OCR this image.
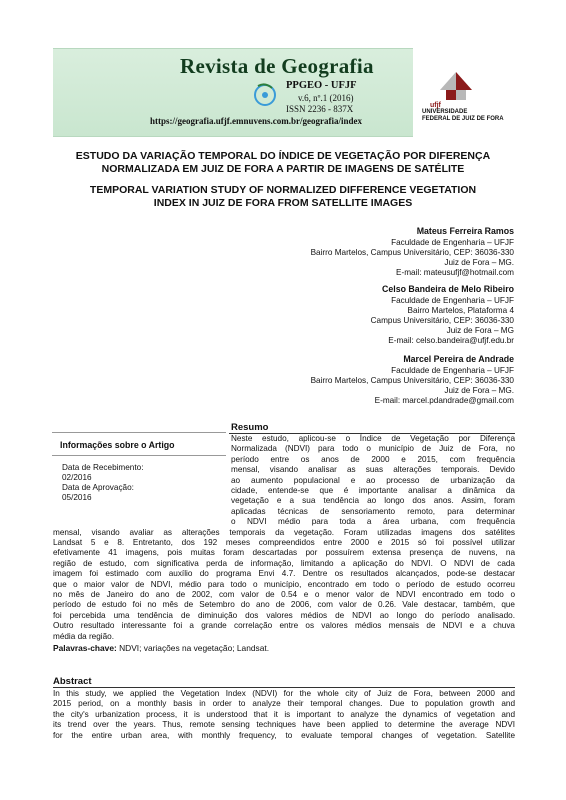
Revista de Geografia
PPGEO - UFJF
v.6, nº.1 (2016)
ISSN 2236 - 837X
https://geografia.ufjf.emnuvens.com.br/geografia/index
ufjf
UNIVERSIDADE
FEDERAL DE JUIZ DE FORA
ESTUDO DA VARIAÇÃO TEMPORAL DO ÍNDICE DE VEGETAÇÃO POR DIFERENÇA
NORMALIZADA EM JUIZ DE FORA A PARTIR DE IMAGENS DE SATÉLITE
TEMPORAL VARIATION STUDY OF NORMALIZED DIFFERENCE VEGETATION
INDEX IN JUIZ DE FORA FROM SATELLITE IMAGES
Mateus Ferreira Ramos
Faculdade de Engenharia – UFJF
Bairro Martelos, Campus Universitário, CEP: 36036-330
Juiz de Fora – MG.
E-mail: mateusufjf@hotmail.com
Celso Bandeira de Melo Ribeiro
Faculdade de Engenharia – UFJF
Bairro Martelos, Plataforma 4
Campus Universitário, CEP: 36036-330
Juiz de Fora – MG
E-mail: celso.bandeira@ufjf.edu.br
Marcel Pereira de Andrade
Faculdade de Engenharia – UFJF
Bairro Martelos, Campus Universitário, CEP: 36036-330
Juiz de Fora – MG.
E-mail: marcel.pdandrade@gmail.com
Informações sobre o Artigo
Data de Recebimento:
02/2016
Data de Aprovação:
05/2016
Resumo
Neste estudo, aplicou-se o Índice de Vegetação por Diferença
Normalizada (NDVI) para todo o município de Juiz de Fora, no
período entre os anos de 2000 e 2015, com frequência
mensal, visando analisar as suas alterações temporais. Devido
ao aumento populacional e ao processo de urbanização da
cidade, entende-se que é importante analisar a dinâmica da
vegetação e a sua tendência ao longo dos anos. Assim, foram
aplicadas técnicas de sensoriamento remoto, para determinar
o NDVI médio para toda a área urbana, com frequência
mensal, visando avaliar as alterações temporais da vegetação. Foram utilizadas imagens dos satélites
Landsat 5 e 8. Entretanto, dos 192 meses compreendidos entre 2000 e 2015 só foi possível utilizar
efetivamente 41 imagens, pois muitas foram descartadas por possuírem extensa presença de nuvens, na
região de estudo, com significativa perda de informação, limitando a aplicação do NDVI. O NDVI de cada
imagem foi estimado com auxílio do programa Envi 4.7. Dentre os resultados alcançados, pode-se destacar
que o maior valor de NDVI, médio para todo o município, encontrado em todo o período de estudo ocorreu
no mês de Janeiro do ano de 2002, com valor de 0.54 e o menor valor de NDVI encontrado em todo o
período de estudo foi no mês de Setembro do ano de 2006, com valor de 0.26. Vale destacar, também, que
foi percebida uma tendência de diminuição dos valores médios de NDVI ao longo do período analisado.
Outro resultado interessante foi a grande correlação entre os valores médios mensais de NDVI e a chuva
média da região.
Palavras-chave: NDVI; variações na vegetação; Landsat.
Abstract
In this study, we applied the Vegetation Index (NDVI) for the whole city of Juiz de Fora, between 2000 and
2015 period, on a monthly basis in order to analyze their temporal changes. Due to population growth and
the city's urbanization process, it is understood that it is important to analyze the dynamics of vegetation and
its trend over the years. Thus, remote sensing techniques have been applied to determine the average NDVI
for the entire urban area, with monthly frequency, to evaluate temporal changes of vegetation. Satellite
